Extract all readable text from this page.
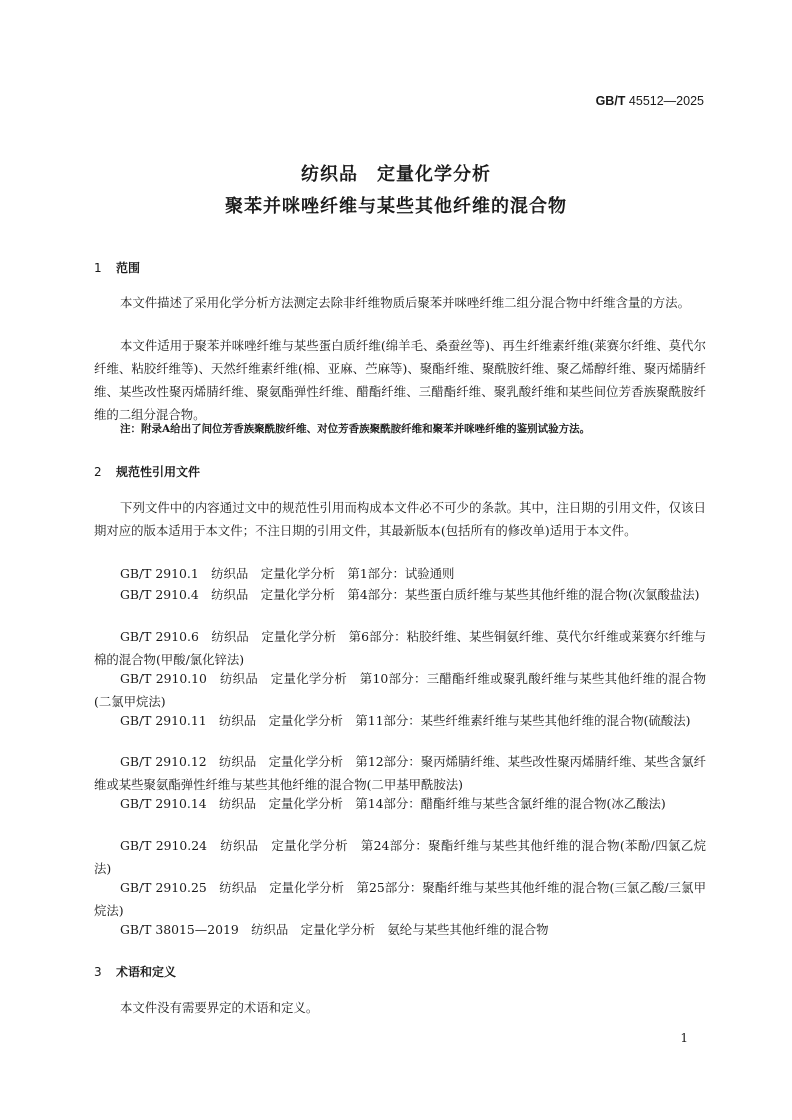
GB/T 45512—2025
纺织品　定量化学分析
聚苯并咪唑纤维与某些其他纤维的混合物
1 范围
本文件描述了采用化学分析方法测定去除非纤维物质后聚苯并咪唑纤维二组分混合物中纤维含量的方法。
本文件适用于聚苯并咪唑纤维与某些蛋白质纤维(绵羊毛、桑蚕丝等)、再生纤维素纤维(莱赛尔纤维、莫代尔纤维、粘胶纤维等)、天然纤维素纤维(棉、亚麻、苎麻等)、聚酯纤维、聚酰胺纤维、聚乙烯醇纤维、聚丙烯腈纤维、某些改性聚丙烯腈纤维、聚氨酯弹性纤维、醋酯纤维、三醋酯纤维、聚乳酸纤维和某些间位芳香族聚酰胺纤维的二组分混合物。
注：附录A给出了间位芳香族聚酰胺纤维、对位芳香族聚酰胺纤维和聚苯并咪唑纤维的鉴别试验方法。
2 规范性引用文件
下列文件中的内容通过文中的规范性引用而构成本文件必不可少的条款。其中，注日期的引用文件，仅该日期对应的版本适用于本文件；不注日期的引用文件，其最新版本(包括所有的修改单)适用于本文件。
GB/T 2910.1　纺织品　定量化学分析　第1部分：试验通则
GB/T 2910.4　纺织品　定量化学分析　第4部分：某些蛋白质纤维与某些其他纤维的混合物(次氯酸盐法)
GB/T 2910.6　纺织品　定量化学分析　第6部分：粘胶纤维、某些铜氨纤维、莫代尔纤维或莱赛尔纤维与棉的混合物(甲酸/氯化锌法)
GB/T 2910.10　纺织品　定量化学分析　第10部分：三醋酯纤维或聚乳酸纤维与某些其他纤维的混合物(二氯甲烷法)
GB/T 2910.11　纺织品　定量化学分析　第11部分：某些纤维素纤维与某些其他纤维的混合物(硫酸法)
GB/T 2910.12　纺织品　定量化学分析　第12部分：聚丙烯腈纤维、某些改性聚丙烯腈纤维、某些含氯纤维或某些聚氨酯弹性纤维与某些其他纤维的混合物(二甲基甲酰胺法)
GB/T 2910.14　纺织品　定量化学分析　第14部分：醋酯纤维与某些含氯纤维的混合物(冰乙酸法)
GB/T 2910.24　纺织品　定量化学分析　第24部分：聚酯纤维与某些其他纤维的混合物(苯酚/四氯乙烷法)
GB/T 2910.25　纺织品　定量化学分析　第25部分：聚酯纤维与某些其他纤维的混合物(三氯乙酸/三氯甲烷法)
GB/T 38015—2019　纺织品　定量化学分析　氨纶与某些其他纤维的混合物
3 术语和定义
本文件没有需要界定的术语和定义。
1
